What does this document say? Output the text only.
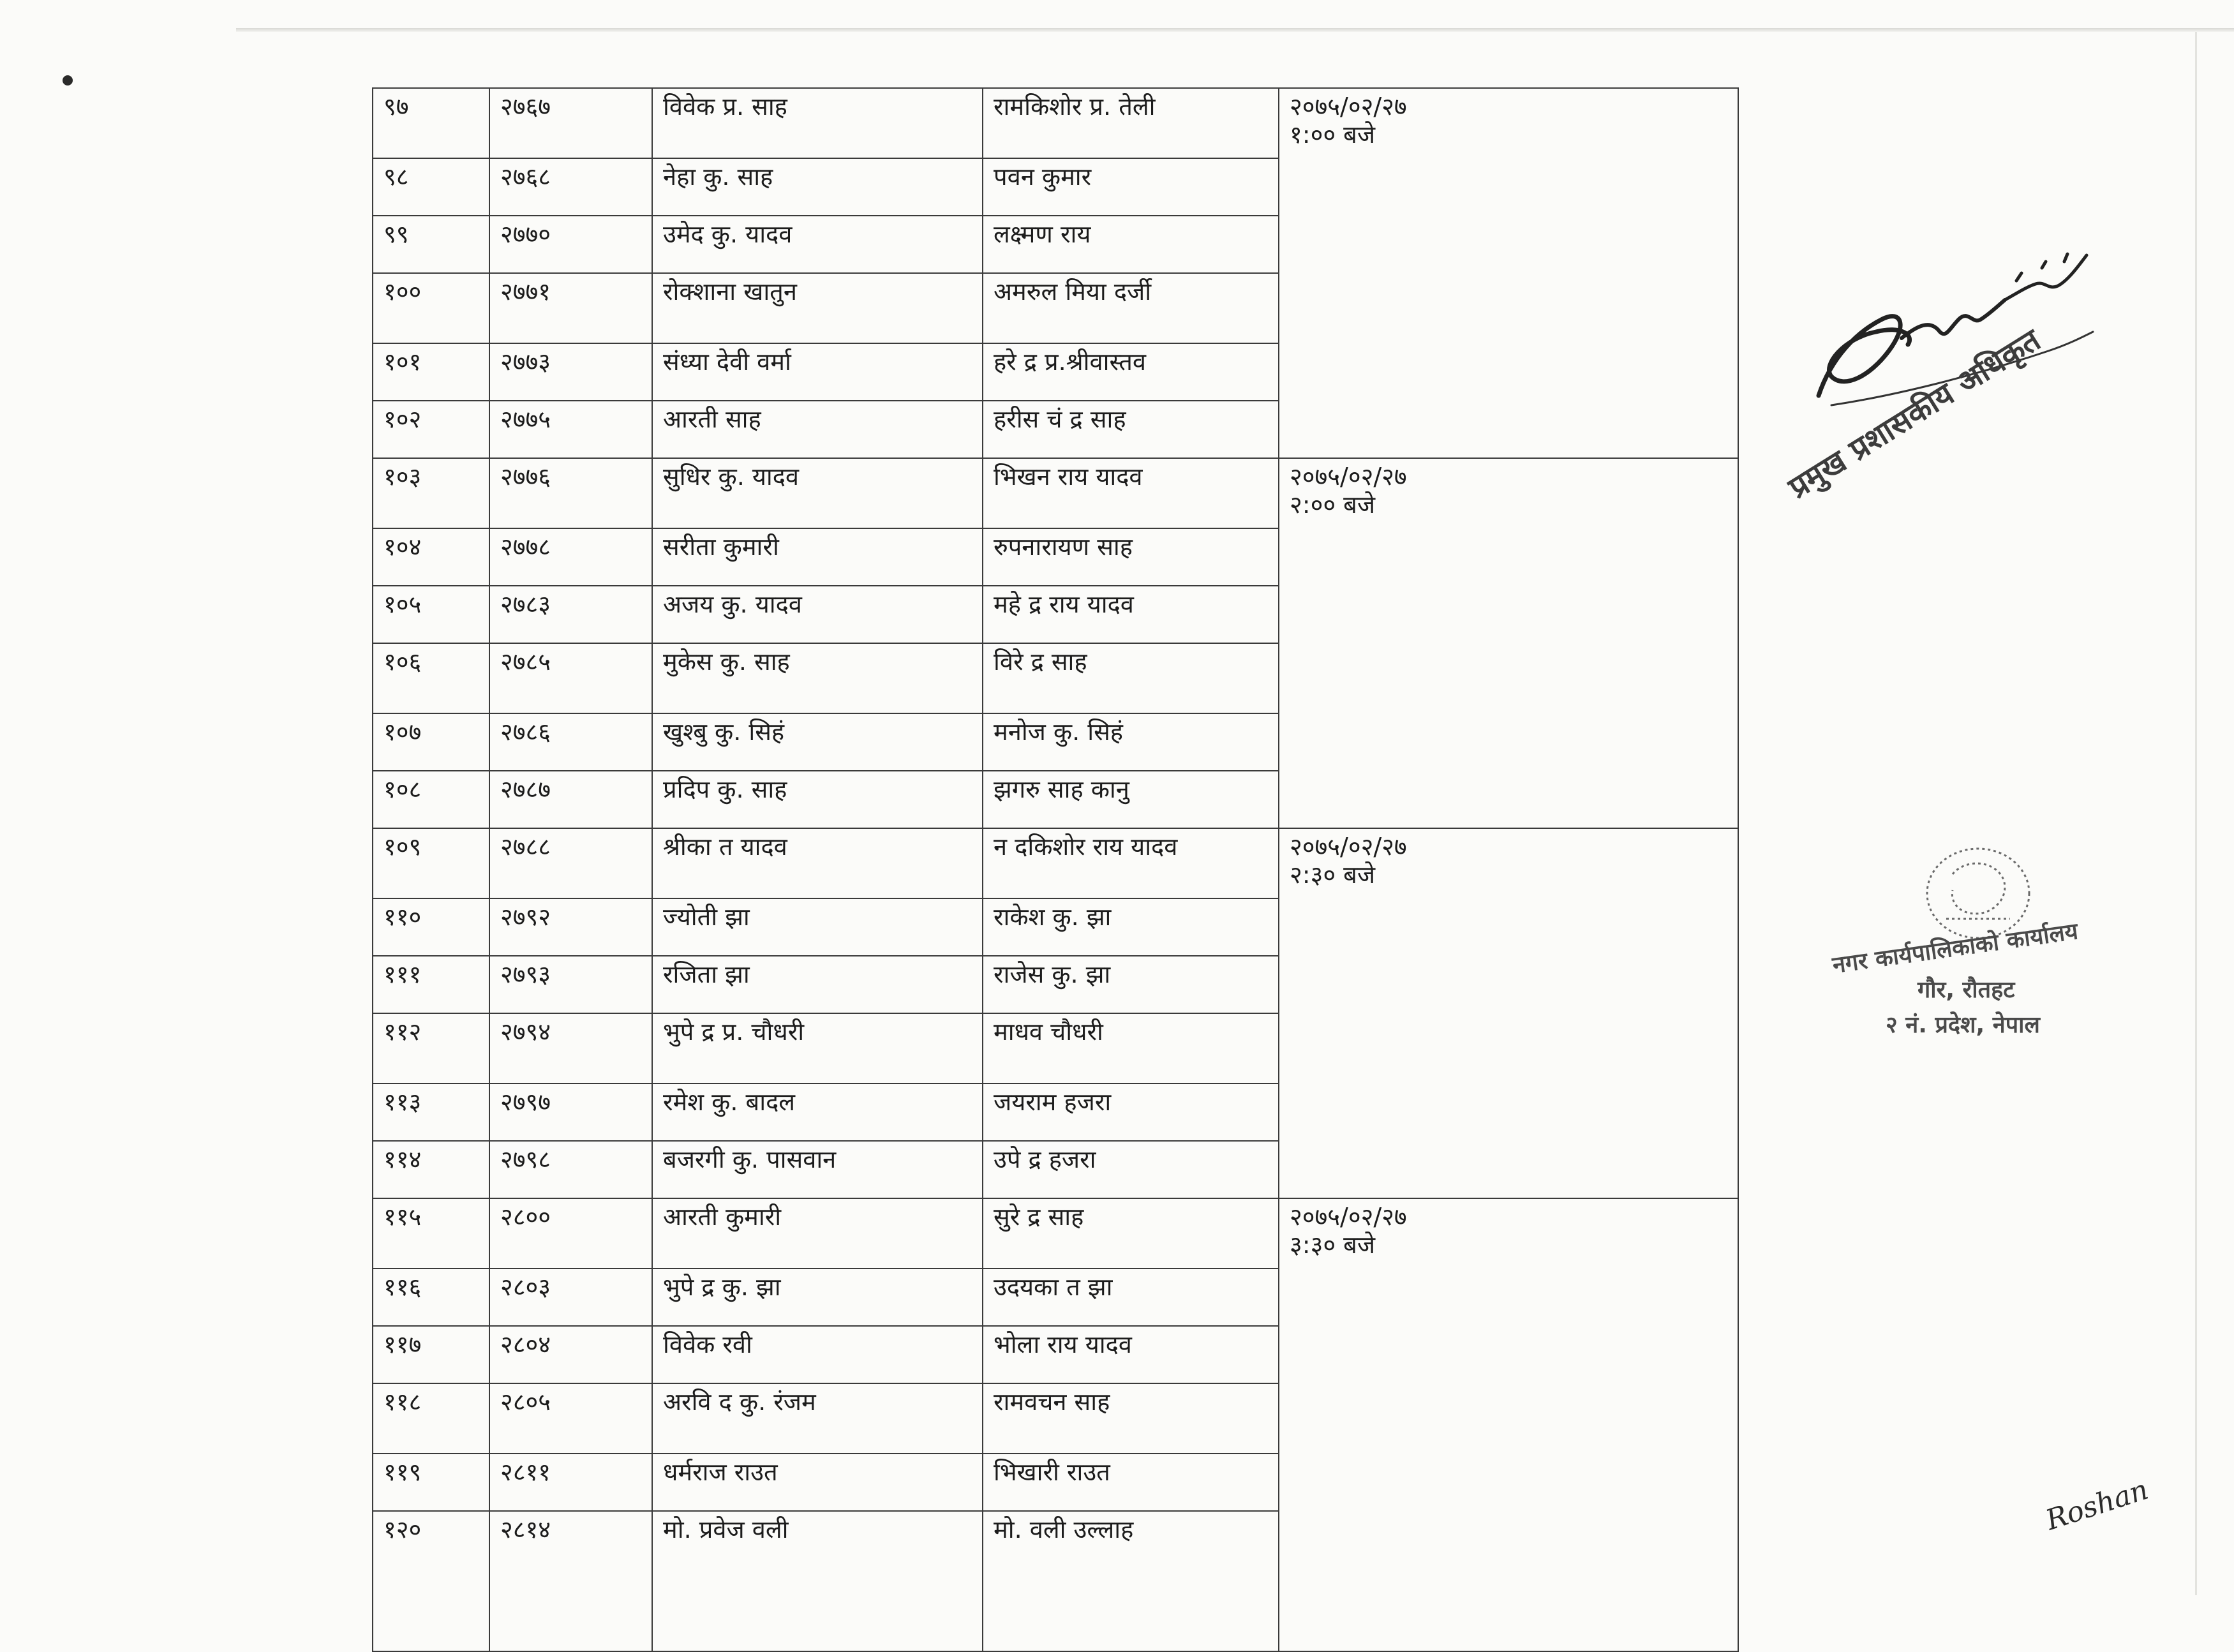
९७	२७६७	विवेक प्र. साह	रामकिशोर प्र. तेली	२०७५/०२/२७
१:०० बजे

९८	२७६८	नेहा कु. साह	पवन कुमार	
९९	२७७०	उमेद कु. यादव	लक्ष्मण राय	
१००	२७७१	रोक्शाना खातुन	अमरुल मिया दर्जी	
१०१	२७७३	संध्या देवी वर्मा	हरे द्र प्र.श्रीवास्तव	
१०२	२७७५	आरती साह	हरीस चं द्र साह	
१०३	२७७६	सुधिर कु. यादव	भिखन राय यादव	२०७५/०२/२७
२:०० बजे

१०४	२७७८	सरीता कुमारी	रुपनारायण साह	
१०५	२७८३	अजय कु. यादव	महे द्र राय यादव	
१०६	२७८५	मुकेस कु. साह	विरे द्र साह	
१०७	२७८६	खुश्बु कु. सिहं	मनोज कु. सिहं	
१०८	२७८७	प्रदिप कु. साह	झगरु साह कानु	
१०९	२७८८	श्रीका त यादव	न दकिशोर राय यादव	२०७५/०२/२७
२:३० बजे

११०	२७९२	ज्योती झा	राकेश कु. झा	
१११	२७९३	रजिता झा	राजेस कु. झा	
११२	२७९४	भुपे द्र प्र. चौधरी	माधव चौधरी	
११३	२७९७	रमेश कु. बादल	जयराम हजरा	
११४	२७९८	बजरगी कु. पासवान	उपे द्र हजरा	
११५	२८००	आरती कुमारी	सुरे द्र साह	२०७५/०२/२७
३:३० बजे

११६	२८०३	भुपे द्र कु. झा	उदयका त झा	
११७	२८०४	विवेक रवी	भोला राय यादव	
११८	२८०५	अरवि द कु. रंजम	रामवचन साह	
११९	२८११	धर्मराज राउत	भिखारी राउत	
१२०	२८१४	मो. प्रवेज वली	मो. वली उल्लाह	
प्रमुख प्रशासकीय अधिकृत
नगर कार्यपालिकाको कार्यालय
गौर, रौतहट
२ नं. प्रदेश, नेपाल
Roshan
